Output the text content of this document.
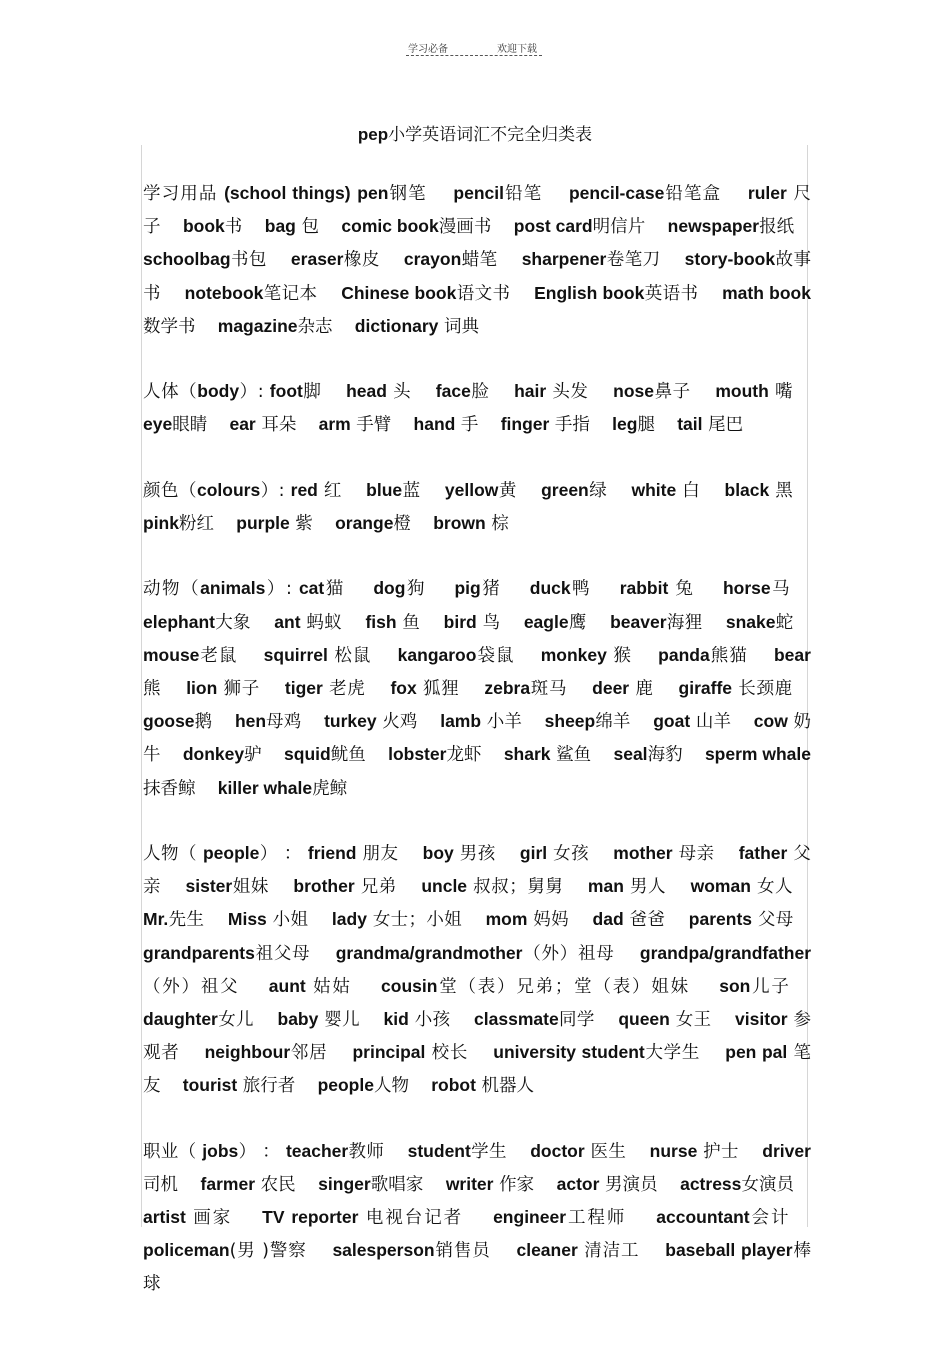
学习必备	欢迎下载
pep小学英语词汇不完全归类表
学习用品 (school things) pen钢笔 pencil铅笔 pencil-case铅笔盒 ruler 尺子 book书 bag 包 comic book漫画书 post card明信片 newspaper报纸    schoolbag书包 eraser橡皮 crayon蜡笔 sharpener卷笔刀 story-book故事书 notebook笔记本 Chinese book语文书 English book英语书 math book数学书 magazine杂志 dictionary 词典
人体（body）: foot脚 head 头 face脸 hair 头发 nose鼻子 mouth 嘴    eye眼睛 ear 耳朵 arm 手臂 hand 手 finger 手指 leg腿 tail 尾巴
颜色（colours）: red 红 blue蓝 yellow黄 green绿 white 白 black 黑    pink粉红 purple 紫 orange橙 brown 棕
动物（animals）: cat猫 dog狗 pig猪 duck鸭 rabbit 兔 horse马    elephant大象 ant 蚂蚁 fish 鱼 bird 鸟 eagle鹰 beaver海狸 snake蛇    mouse老鼠 squirrel 松鼠 kangaroo袋鼠 monkey 猴 panda熊猫 bear 熊 lion 狮子 tiger 老虎 fox 狐狸 zebra斑马 deer 鹿 giraffe 长颈鹿    goose鹅 hen母鸡 turkey 火鸡 lamb 小羊 sheep绵羊 goat 山羊 cow 奶牛 donkey驴 squid鱿鱼 lobster龙虾 shark 鲨鱼 seal海豹 sperm whale抹香鲸 killer whale虎鲸
人物（ people） ： friend 朋友 boy 男孩 girl 女孩 mother 母亲 father 父亲 sister姐妹 brother 兄弟 uncle 叔叔；舅舅 man 男人 woman 女人    Mr.先生 Miss 小姐 lady 女士；小姐 mom 妈妈 dad 爸爸 parents 父母    grandparents祖父母 grandma/grandmother（外）祖母 grandpa/grandfather（外）祖父 aunt 姑姑 cousin堂（表）兄弟；堂（表）姐妹 son儿子    daughter女儿 baby 婴儿 kid 小孩 classmate同学 queen 女王 visitor 参观者 neighbour邻居 principal 校长 university student大学生 pen pal 笔友 tourist 旅行者 people人物 robot 机器人
职业（ jobs） ： teacher教师 student学生 doctor 医生 nurse 护士 driver司机 farmer 农民 singer歌唱家 writer 作家 actor 男演员 actress女演员    artist 画家 TV reporter 电视台记者 engineer工程师 accountant会计    policeman(男 )警察 salesperson销售员 cleaner 清洁工 baseball player棒球
